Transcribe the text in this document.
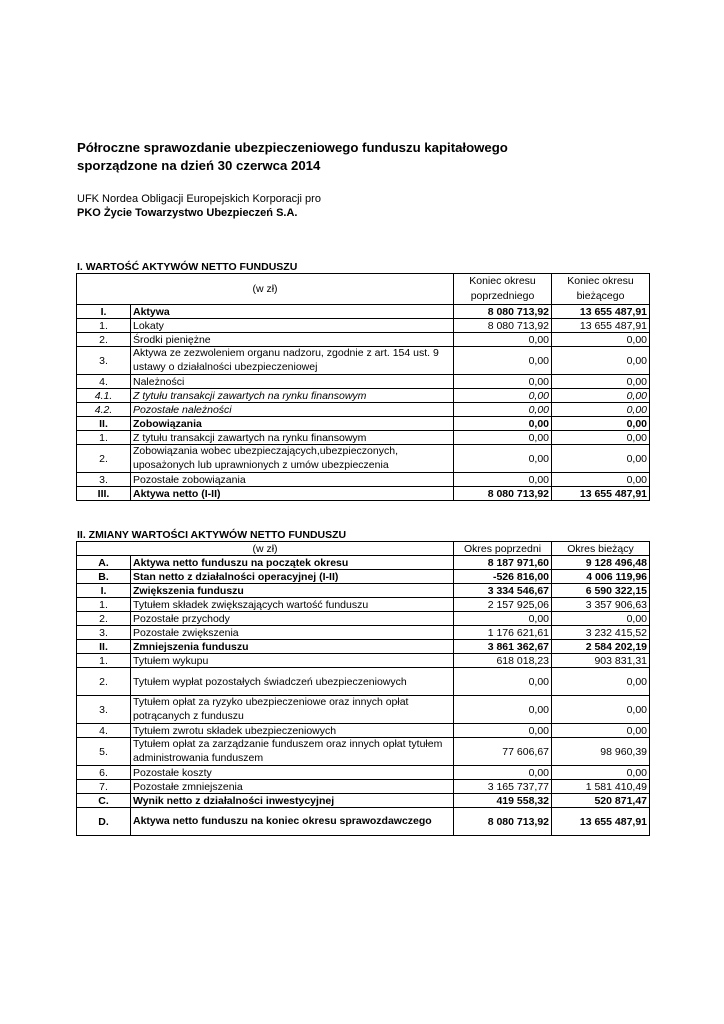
Półroczne sprawozdanie ubezpieczeniowego funduszu kapitałowego
sporządzone na dzień 30 czerwca 2014
UFK Nordea Obligacji Europejskich Korporacji pro
PKO Życie Towarzystwo Ubezpieczeń S.A.
I. WARTOŚĆ AKTYWÓW NETTO FUNDUSZU
(w zł)		Koniec okresu poprzedniego	Koniec okresu bieżącego
I.	Aktywa	8 080 713,92	13 655 487,91
1.	Lokaty	8 080 713,92	13 655 487,91
2.	Środki pieniężne	0,00	0,00
3.	Aktywa ze zezwoleniem organu nadzoru, zgodnie z art. 154 ust. 9 ustawy o działalności ubezpieczeniowej	0,00	0,00
4.	Należności	0,00	0,00
4.1.	Z tytułu transakcji zawartych na rynku finansowym	0,00	0,00
4.2.	Pozostałe należności	0,00	0,00
II.	Zobowiązania	0,00	0,00
1.	Z tytułu transakcji zawartych na rynku finansowym	0,00	0,00
2.	Zobowiązania wobec ubezpieczających,ubezpieczonych, uposażonych lub uprawnionych z umów ubezpieczenia	0,00	0,00
3.	Pozostałe zobowiązania	0,00	0,00
III.	Aktywa netto (I-II)	8 080 713,92	13 655 487,91
II. ZMIANY WARTOŚCI AKTYWÓW NETTO FUNDUSZU
(w zł)		Okres poprzedni	Okres bieżący
A.	Aktywa netto funduszu na początek okresu	8 187 971,60	9 128 496,48
B.	Stan netto z działalności operacyjnej (I-II)	-526 816,00	4 006 119,96
I.	Zwiększenia funduszu	3 334 546,67	6 590 322,15
1.	Tytułem składek zwiększających wartość funduszu	2 157 925,06	3 357 906,63
2.	Pozostałe przychody	0,00	0,00
3.	Pozostałe zwiększenia	1 176 621,61	3 232 415,52
II.	Zmniejszenia funduszu	3 861 362,67	2 584 202,19
1.	Tytułem wykupu	618 018,23	903 831,31
2.	Tytułem wypłat pozostałych świadczeń ubezpieczeniowych	0,00	0,00
3.	Tytułem opłat za ryzyko ubezpieczeniowe oraz innych opłat potrącanych z funduszu	0,00	0,00
4.	Tytułem zwrotu składek ubezpieczeniowych	0,00	0,00
5.	Tytułem opłat za zarządzanie funduszem oraz innych opłat tytułem administrowania funduszem	77 606,67	98 960,39
6.	Pozostałe koszty	0,00	0,00
7.	Pozostałe zmniejszenia	3 165 737,77	1 581 410,49
C.	Wynik netto z działalności inwestycyjnej	419 558,32	520 871,47
D.	Aktywa netto funduszu na koniec okresu sprawozdawczego	8 080 713,92	13 655 487,91
